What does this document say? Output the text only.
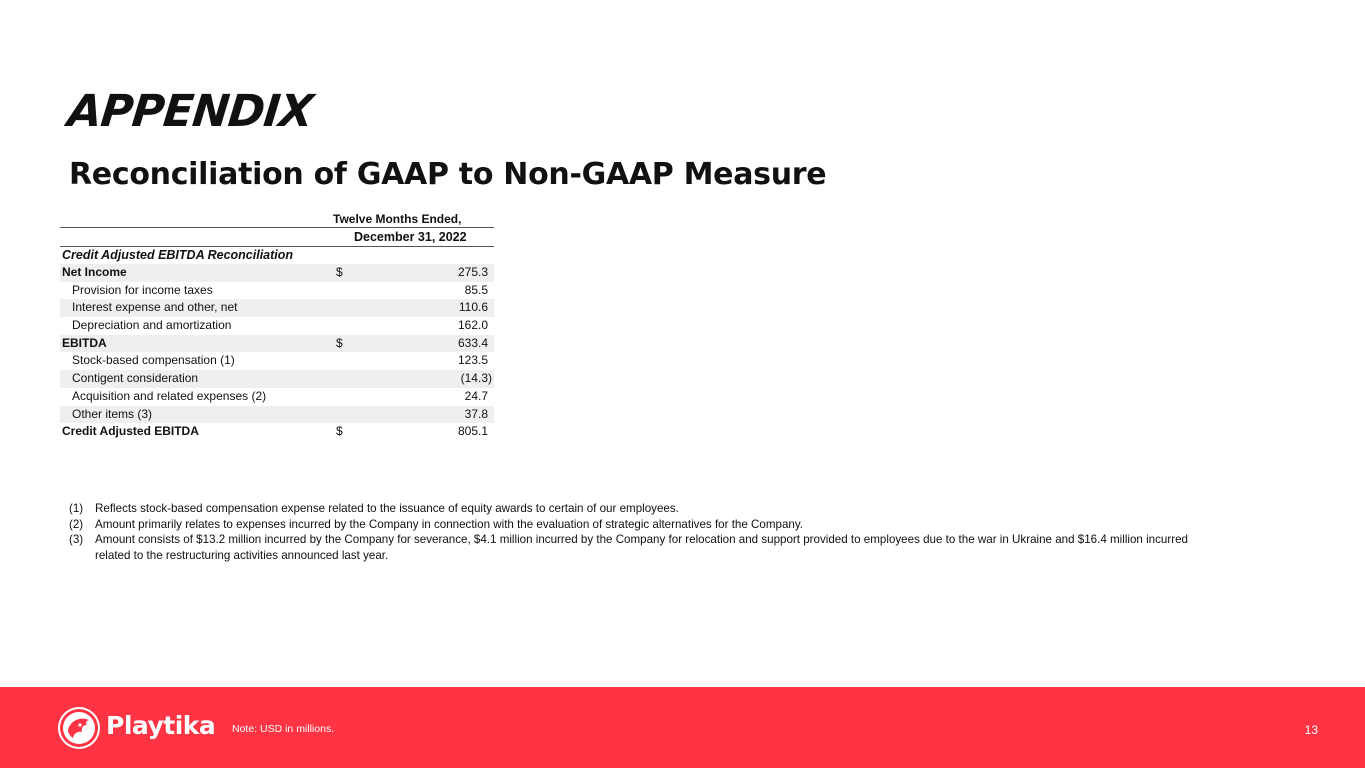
APPENDIX
Reconciliation of GAAP to Non-GAAP Measure
Twelve Months Ended,
December 31, 2022
Credit Adjusted EBITDA Reconciliation
Net Income	$	275.3
Provision for income taxes	85.5
Interest expense and other, net	110.6
Depreciation and amortization	162.0
EBITDA	$	633.4
Stock-based compensation (1)	123.5
Contigent consideration	(14.3)
Acquisition and related expenses (2)	24.7
Other items (3)	37.8
Credit Adjusted EBITDA	$	805.1
(1) Reflects stock-based compensation expense related to the issuance of equity awards to certain of our employees.
(2) Amount primarily relates to expenses incurred by the Company in connection with the evaluation of strategic alternatives for the Company.
(3) Amount consists of $13.2 million incurred by the Company for severance, $4.1 million incurred by the Company for relocation and support provided to employees due to the war in Ukraine and $16.4 million incurred related to the restructuring activities announced last year.
Playtika Note: USD in millions.	13
